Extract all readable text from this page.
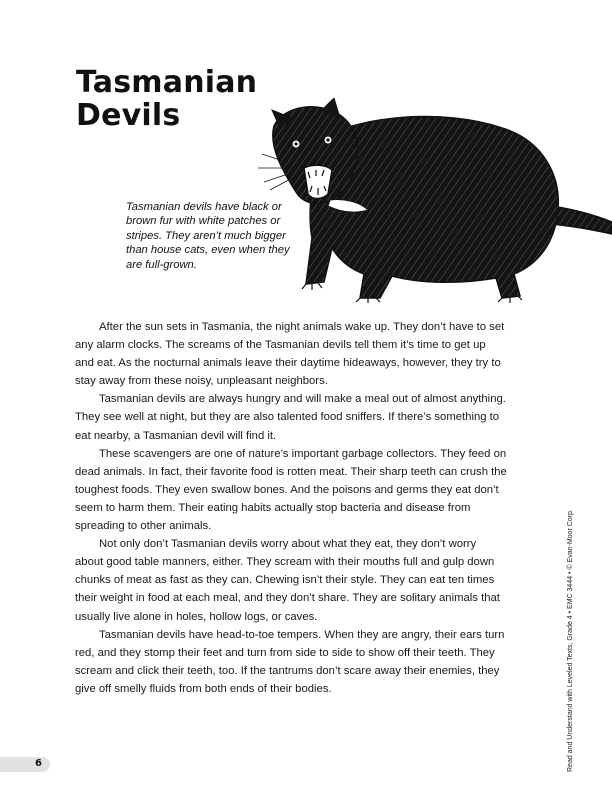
Tasmanian
Devils

Tasmanian devils have black or brown fur with white patches or stripes. They aren’t much bigger than house cats, even when they are full-grown.

After the sun sets in Tasmania, the night animals wake up. They don’t have to set any alarm clocks. The screams of the Tasmanian devils tell them it’s time to get up and eat. As the nocturnal animals leave their daytime hideaways, however, they try to stay away from these noisy, unpleasant neighbors.

Tasmanian devils are always hungry and will make a meal out of almost anything. They see well at night, but they are also talented food sniffers. If there’s something to eat nearby, a Tasmanian devil will find it.

These scavengers are one of nature’s important garbage collectors. They feed on dead animals. In fact, their favorite food is rotten meat. Their sharp teeth can crush the toughest foods. They even swallow bones. And the poisons and germs they eat don’t seem to harm them. Their eating habits actually stop bacteria and disease from spreading to other animals.

Not only don’t Tasmanian devils worry about what they eat, they don’t worry about good table manners, either. They scream with their mouths full and gulp down chunks of meat as fast as they can. Chewing isn’t their style. They can eat ten times their weight in food at each meal, and they don’t share. They are solitary animals that usually live alone in holes, hollow logs, or caves.

Tasmanian devils have head-to-toe tempers. When they are angry, their ears turn red, and they stomp their feet and turn from side to side to show off their teeth. They scream and click their teeth, too. If the tantrums don’t scare away their enemies, they give off smelly fluids from both ends of their bodies.	Read and Understand with Leveled Texts, Grade 4 • EMC 3444 • © Evan-Moor Corp.
6
